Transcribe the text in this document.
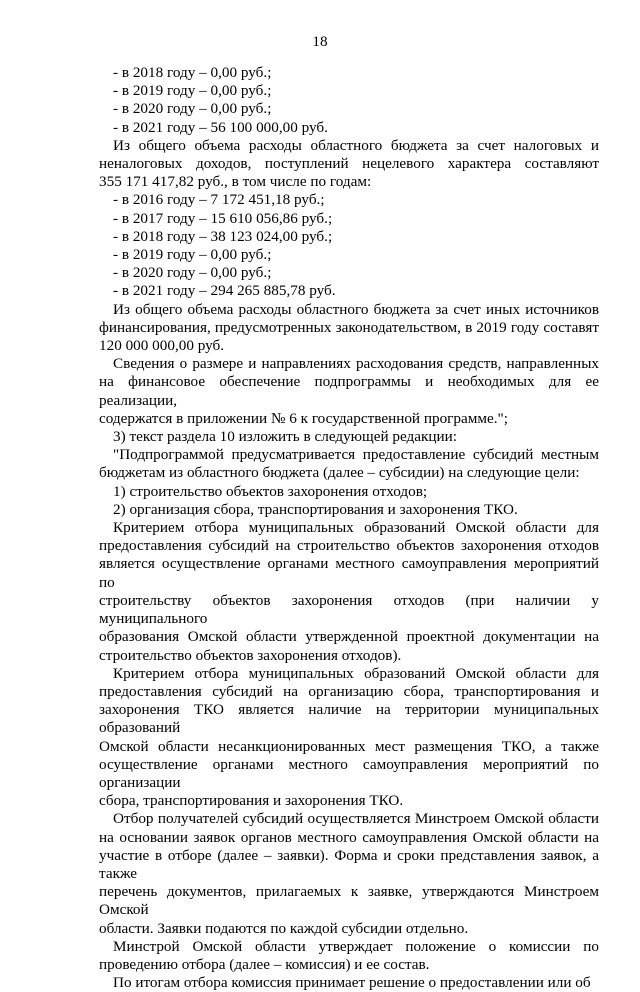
18
- в 2018 году – 0,00 руб.;
- в 2019 году – 0,00 руб.;
- в 2020 году – 0,00 руб.;
- в 2021 году – 56 100 000,00 руб.
Из общего объема расходы областного бюджета за счет налоговых и
неналоговых доходов, поступлений нецелевого характера составляют
355 171 417,82 руб., в том числе по годам:
- в 2016 году – 7 172 451,18 руб.;
- в 2017 году – 15 610 056,86 руб.;
- в 2018 году – 38 123 024,00 руб.;
- в 2019 году – 0,00 руб.;
- в 2020 году – 0,00 руб.;
- в 2021 году – 294 265 885,78 руб.
Из общего объема расходы областного бюджета за счет иных источников
финансирования, предусмотренных законодательством, в 2019 году составят
120 000 000,00 руб.
Сведения о размере и направлениях расходования средств, направленных
на финансовое обеспечение подпрограммы и необходимых для ее реализации,
содержатся в приложении № 6 к государственной программе.";
3) текст раздела 10 изложить в следующей редакции:
"Подпрограммой предусматривается предоставление субсидий местным
бюджетам из областного бюджета (далее – субсидии) на следующие цели:
1) строительство объектов захоронения отходов;
2) организация сбора, транспортирования и захоронения ТКО.
Критерием отбора муниципальных образований Омской области для
предоставления субсидий на строительство объектов захоронения отходов
является осуществление органами местного самоуправления мероприятий по
строительству объектов захоронения отходов (при наличии у муниципального
образования Омской области утвержденной проектной документации на
строительство объектов захоронения отходов).
Критерием отбора муниципальных образований Омской области для
предоставления субсидий на организацию сбора, транспортирования и
захоронения ТКО является наличие на территории муниципальных образований
Омской области несанкционированных мест размещения ТКО, а также
осуществление органами местного самоуправления мероприятий по организации
сбора, транспортирования и захоронения ТКО.
Отбор получателей субсидий осуществляется Минстроем Омской области
на основании заявок органов местного самоуправления Омской области на
участие в отборе (далее – заявки). Форма и сроки представления заявок, а также
перечень документов, прилагаемых к заявке, утверждаются Минстроем Омской
области. Заявки подаются по каждой субсидии отдельно.
Минстрой Омской области утверждает положение о комиссии по
проведению отбора (далее – комиссия) и ее состав.
По итогам отбора комиссия принимает решение о предоставлении или об
